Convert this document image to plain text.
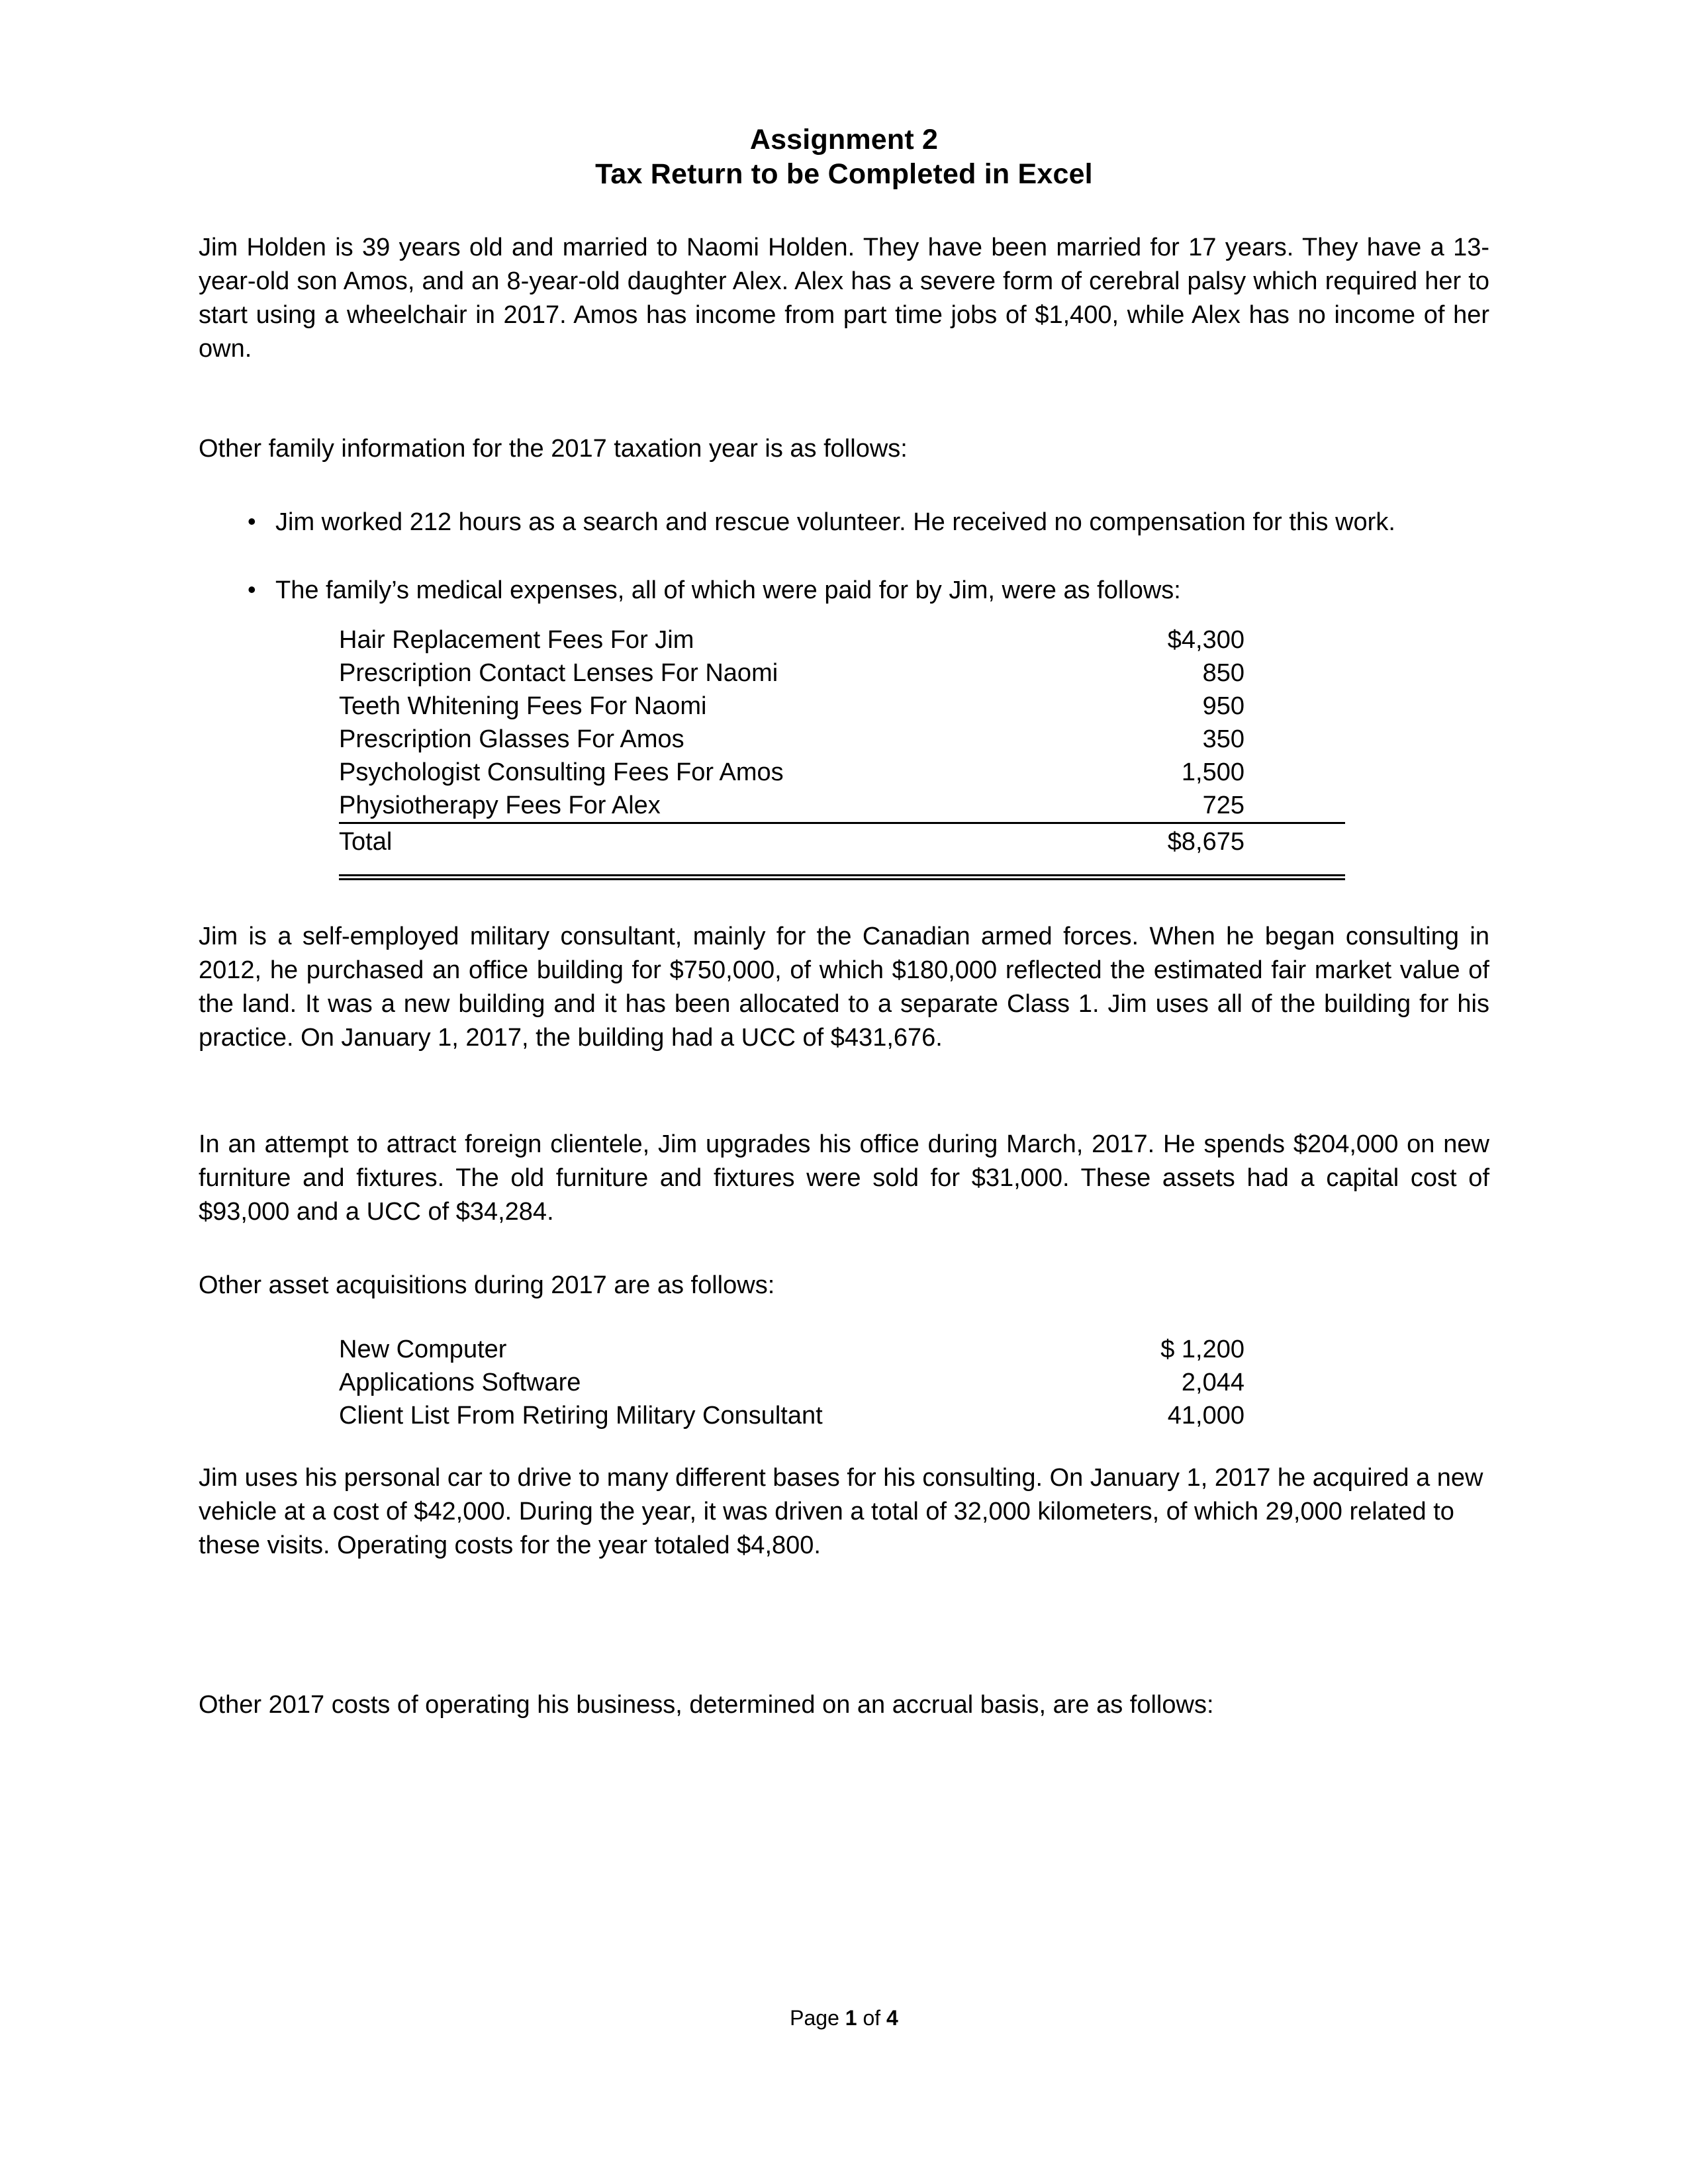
Assignment 2
Tax Return to be Completed in Excel

Jim Holden is 39 years old and married to Naomi Holden. They have been married for 17 years. They have a 13-year-old son Amos, and an 8-year-old daughter Alex. Alex has a severe form of cerebral palsy which required her to start using a wheelchair in 2017. Amos has income from part time jobs of $1,400, while Alex has no income of her own.

Other family information for the 2017 taxation year is as follows:

• Jim worked 212 hours as a search and rescue volunteer. He received no compensation for this work.
• The family’s medical expenses, all of which were paid for by Jim, were as follows:
Hair Replacement Fees For Jim	$4,300
Prescription Contact Lenses For Naomi	850
Teeth Whitening Fees For Naomi	950
Prescription Glasses For Amos	350
Psychologist Consulting Fees For Amos	1,500
Physiotherapy Fees For Alex	725
Total	$8,675

Jim is a self-employed military consultant, mainly for the Canadian armed forces. When he began consulting in 2012, he purchased an office building for $750,000, of which $180,000 reflected the estimated fair market value of the land. It was a new building and it has been allocated to a separate Class 1. Jim uses all of the building for his practice. On January 1, 2017, the building had a UCC of $431,676.

In an attempt to attract foreign clientele, Jim upgrades his office during March, 2017. He spends $204,000 on new furniture and fixtures. The old furniture and fixtures were sold for $31,000. These assets had a capital cost of $93,000 and a UCC of $34,284.

Other asset acquisitions during 2017 are as follows:

New Computer	$ 1,200
Applications Software	2,044
Client List From Retiring Military Consultant	41,000

Jim uses his personal car to drive to many different bases for his consulting. On January 1, 2017 he acquired a new vehicle at a cost of $42,000. During the year, it was driven a total of 32,000 kilometers, of which 29,000 related to these visits. Operating costs for the year totaled $4,800.

Other 2017 costs of operating his business, determined on an accrual basis, are as follows:

Page 1 of 4
